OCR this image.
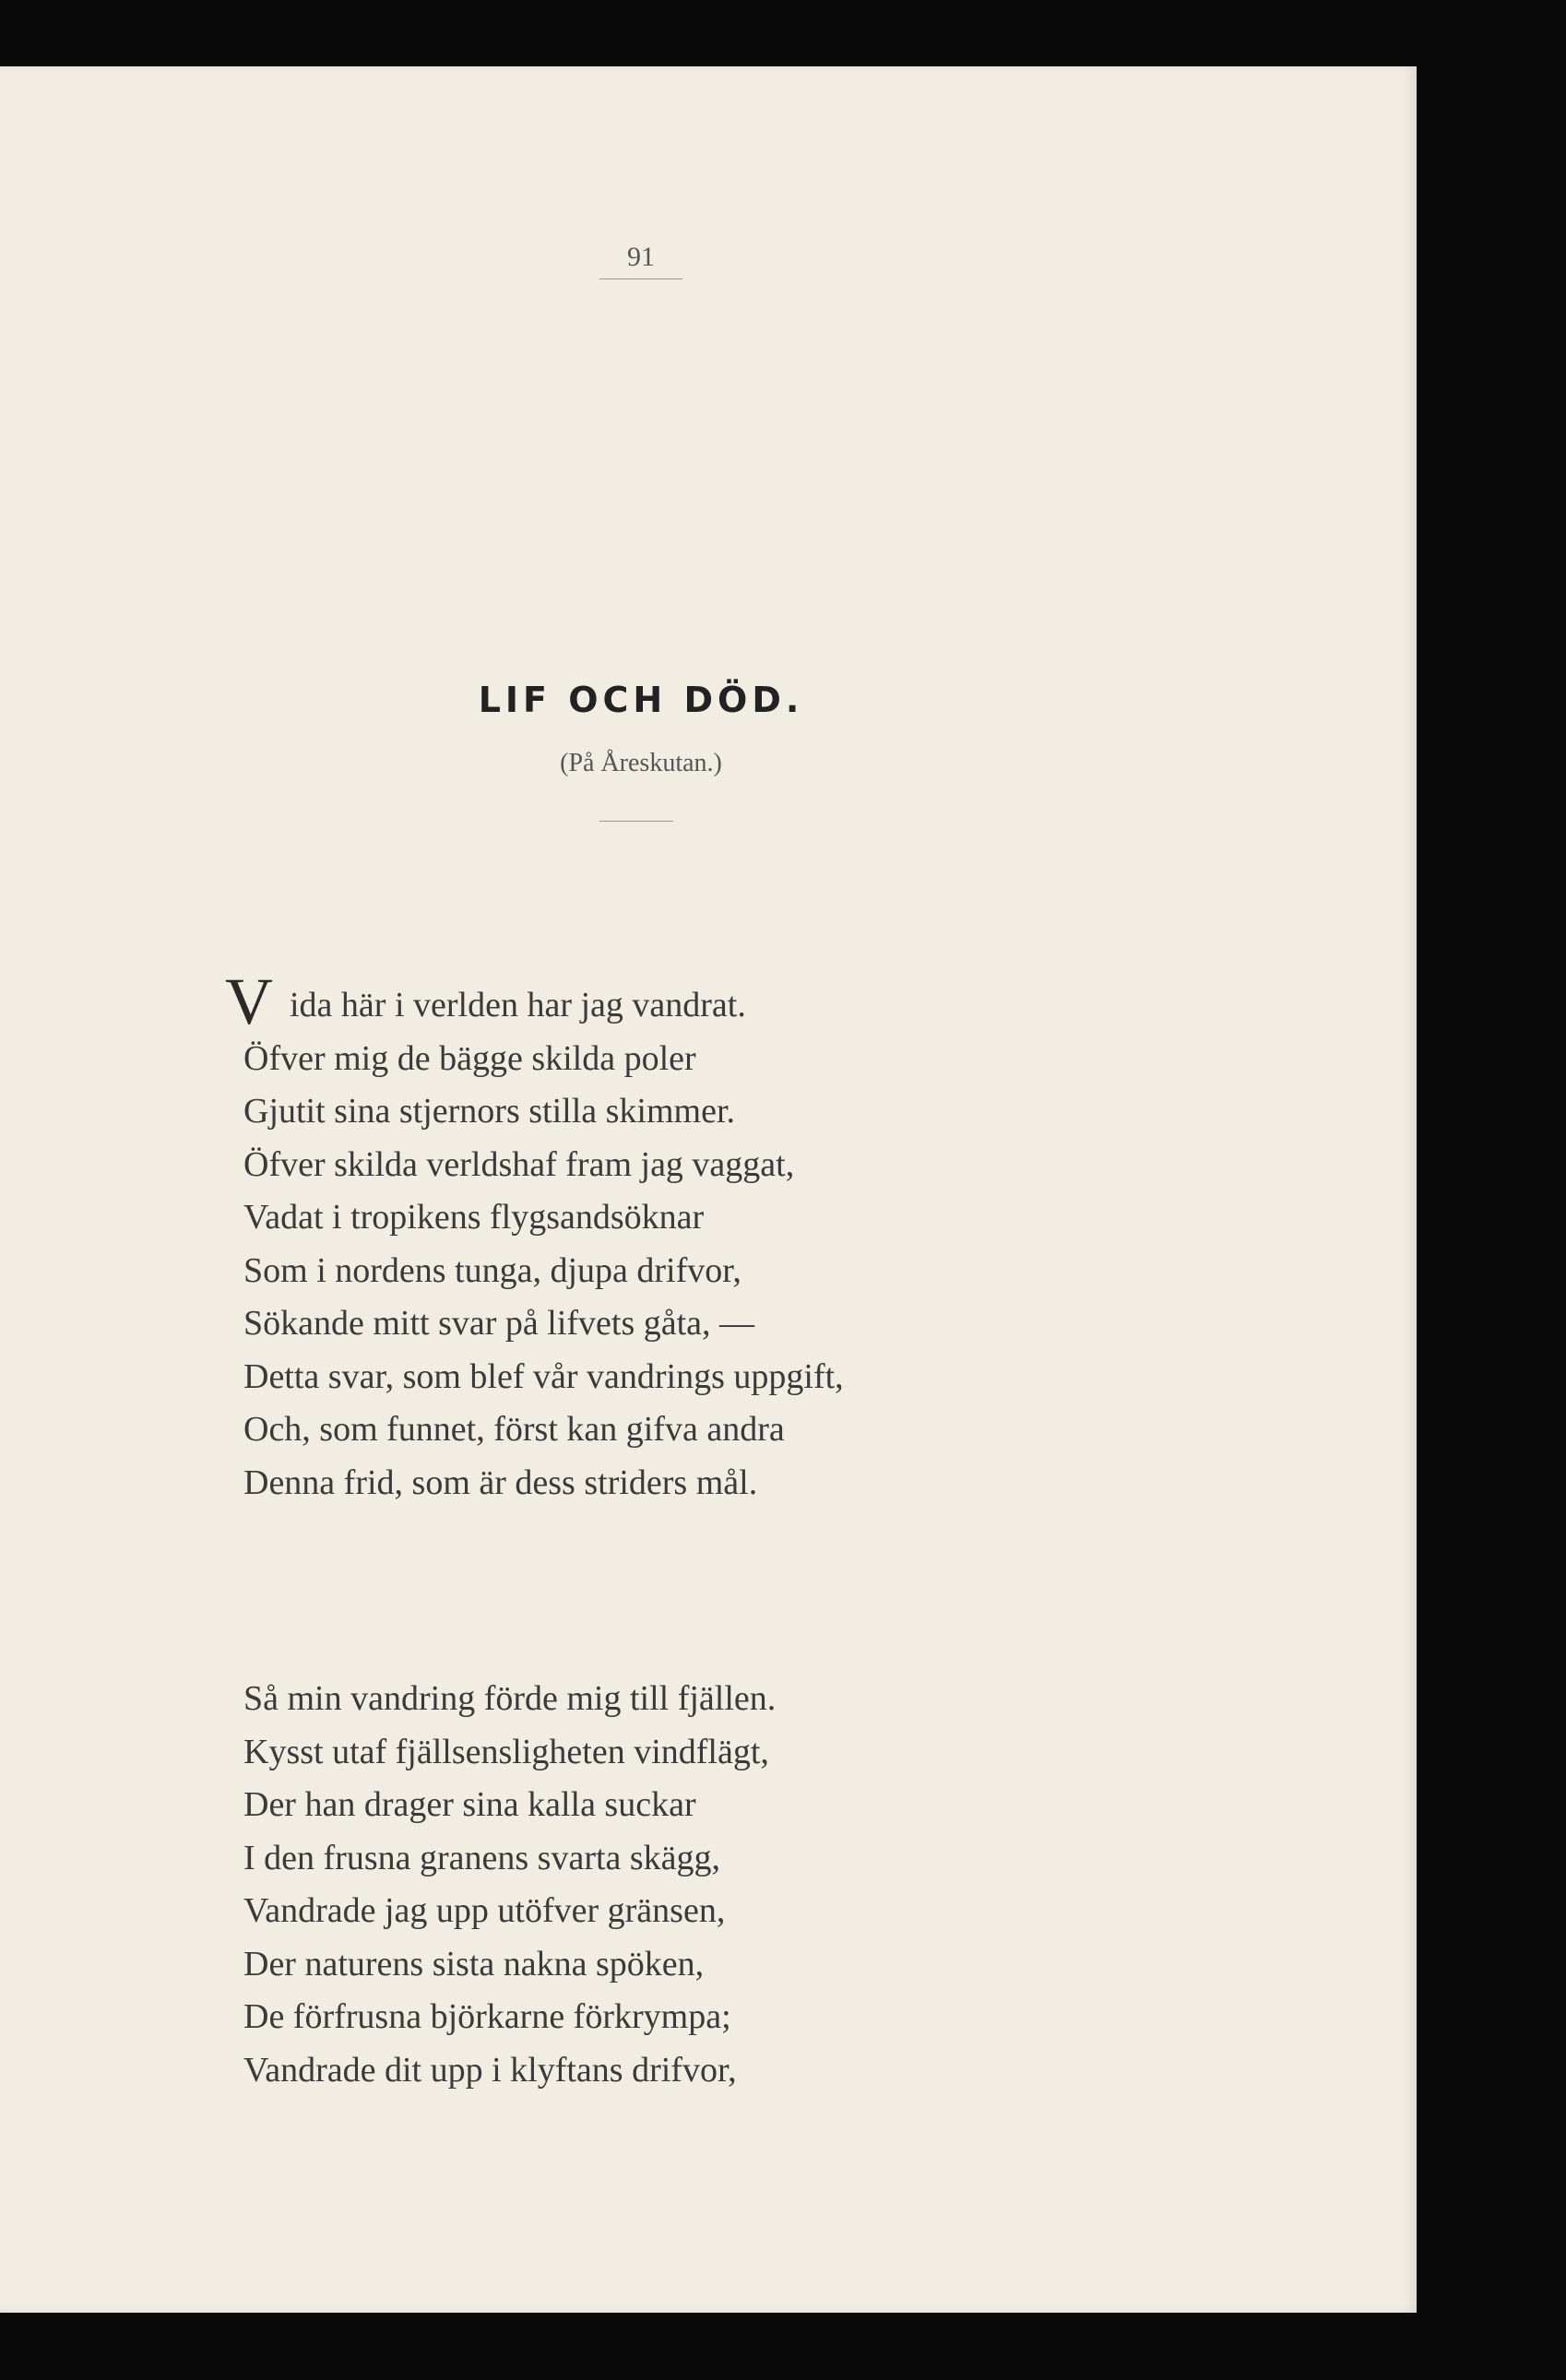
91
LIF OCH DÖD.
(På Åreskutan.)
Vida här i verlden har jag vandrat.
Öfver mig de bägge skilda poler
Gjutit sina stjernors stilla skimmer.
Öfver skilda verldshaf fram jag vaggat,
Vadat i tropikens flygsandsöknar
Som i nordens tunga, djupa drifvor,
Sökande mitt svar på lifvets gåta, —
Detta svar, som blef vår vandrings uppgift,
Och, som funnet, först kan gifva andra
Denna frid, som är dess striders mål.
Så min vandring förde mig till fjällen.
Kysst utaf fjällsensligheten vindflägt,
Der han drager sina kalla suckar
I den frusna granens svarta skägg,
Vandrade jag upp utöfver gränsen,
Der naturens sista nakna spöken,
De förfrusna björkarne förkrympa;
Vandrade dit upp i klyftans drifvor,
